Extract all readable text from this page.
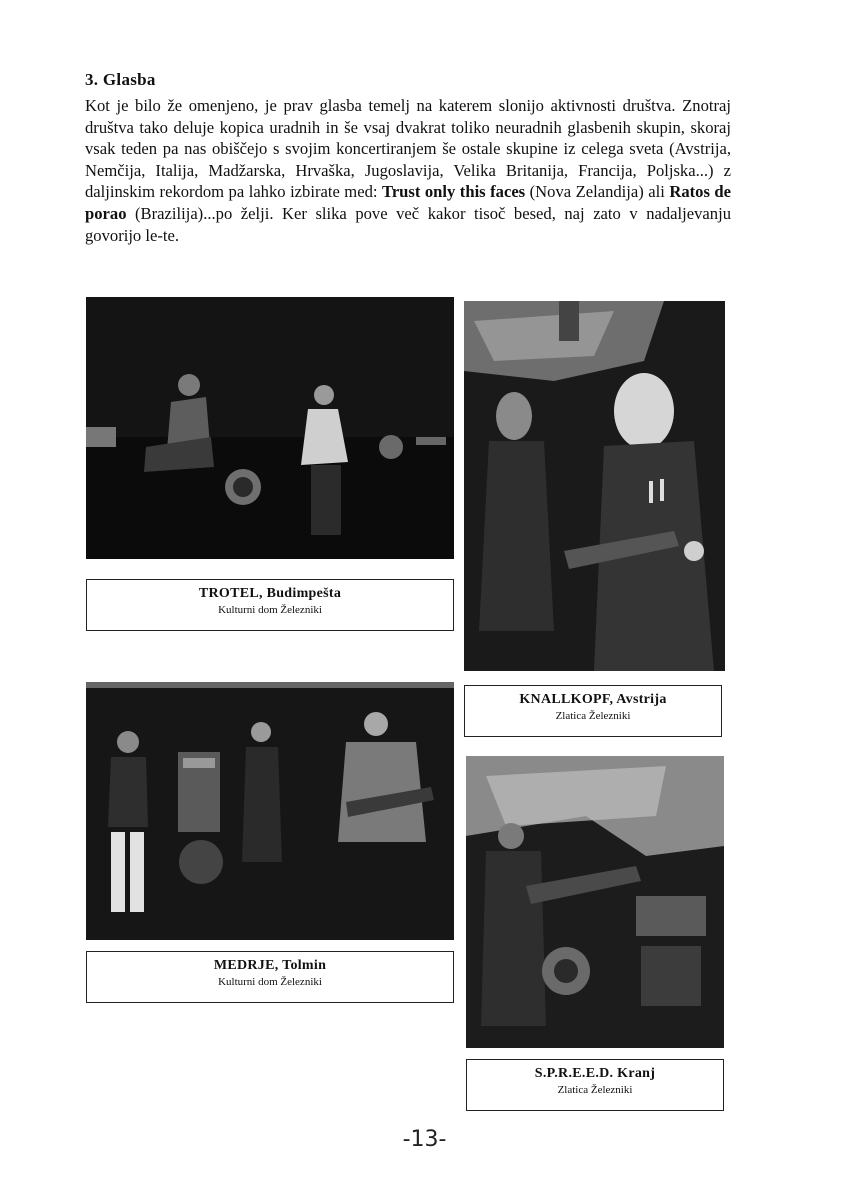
3. Glasba
Kot je bilo že omenjeno, je prav glasba temelj na katerem slonijo aktivnosti društva. Znotraj društva tako deluje kopica uradnih in še vsaj dvakrat toliko neuradnih glasbenih skupin, skoraj vsak teden pa nas obiščejo s svojim koncertiranjem še ostale skupine iz celega sveta (Avstrija, Nemčija, Italija, Madžarska, Hrvaška, Jugoslavija, Velika Britanija, Francija, Poljska...) z daljinskim rekordom pa lahko izbirate med: Trust only this faces (Nova Zelandija) ali Ratos de porao (Brazilija)...po želji. Ker slika pove več kakor tisoč besed, naj zato v nadaljevanju govorijo le-te.
TROTEL, Budimpešta
Kulturni dom Železniki
KNALLKOPF, Avstrija
Zlatica Železniki
MEDRJE, Tolmin
Kulturni dom Železniki
S.P.R.E.E.D. Kranj
Zlatica Železniki
-13-
